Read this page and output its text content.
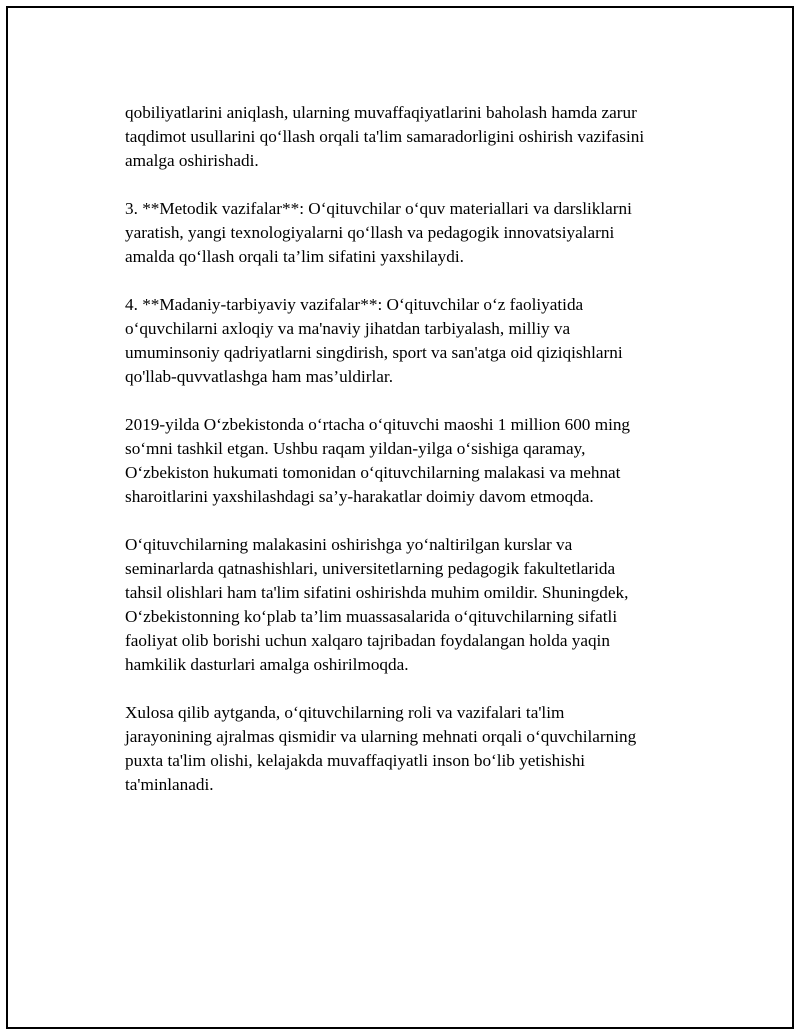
qobiliyatlarini aniqlash, ularning muvaffaqiyatlarini baholash hamda zarur
taqdimot usullarini qo‘llash orqali ta'lim samaradorligini oshirish vazifasini
amalga oshirishadi.

3. **Metodik vazifalar**: O‘qituvchilar o‘quv materiallari va darsliklarni
yaratish, yangi texnologiyalarni qo‘llash va pedagogik innovatsiyalarni
amalda qo‘llash orqali ta’lim sifatini yaxshilaydi.

4. **Madaniy-tarbiyaviy vazifalar**: O‘qituvchilar o‘z faoliyatida
o‘quvchilarni axloqiy va ma'naviy jihatdan tarbiyalash, milliy va
umuminsoniy qadriyatlarni singdirish, sport va san'atga oid qiziqishlarni
qo'llab-quvvatlashga ham mas’uldirlar.

2019-yilda O‘zbekistonda o‘rtacha o‘qituvchi maoshi 1 million 600 ming
so‘mni tashkil etgan. Ushbu raqam yildan-yilga o‘sishiga qaramay,
O‘zbekiston hukumati tomonidan o‘qituvchilarning malakasi va mehnat
sharoitlarini yaxshilashdagi sa’y-harakatlar doimiy davom etmoqda.

O‘qituvchilarning malakasini oshirishga yo‘naltirilgan kurslar va
seminarlarda qatnashishlari, universitetlarning pedagogik fakultetlarida
tahsil olishlari ham ta'lim sifatini oshirishda muhim omildir. Shuningdek,
O‘zbekistonning ko‘plab ta’lim muassasalarida o‘qituvchilarning sifatli
faoliyat olib borishi uchun xalqaro tajribadan foydalangan holda yaqin
hamkilik dasturlari amalga oshirilmoqda.

Xulosa qilib aytganda, o‘qituvchilarning roli va vazifalari ta'lim
jarayonining ajralmas qismidir va ularning mehnati orqali o‘quvchilarning
puxta ta'lim olishi, kelajakda muvaffaqiyatli inson bo‘lib yetishishi
ta'minlanadi.
